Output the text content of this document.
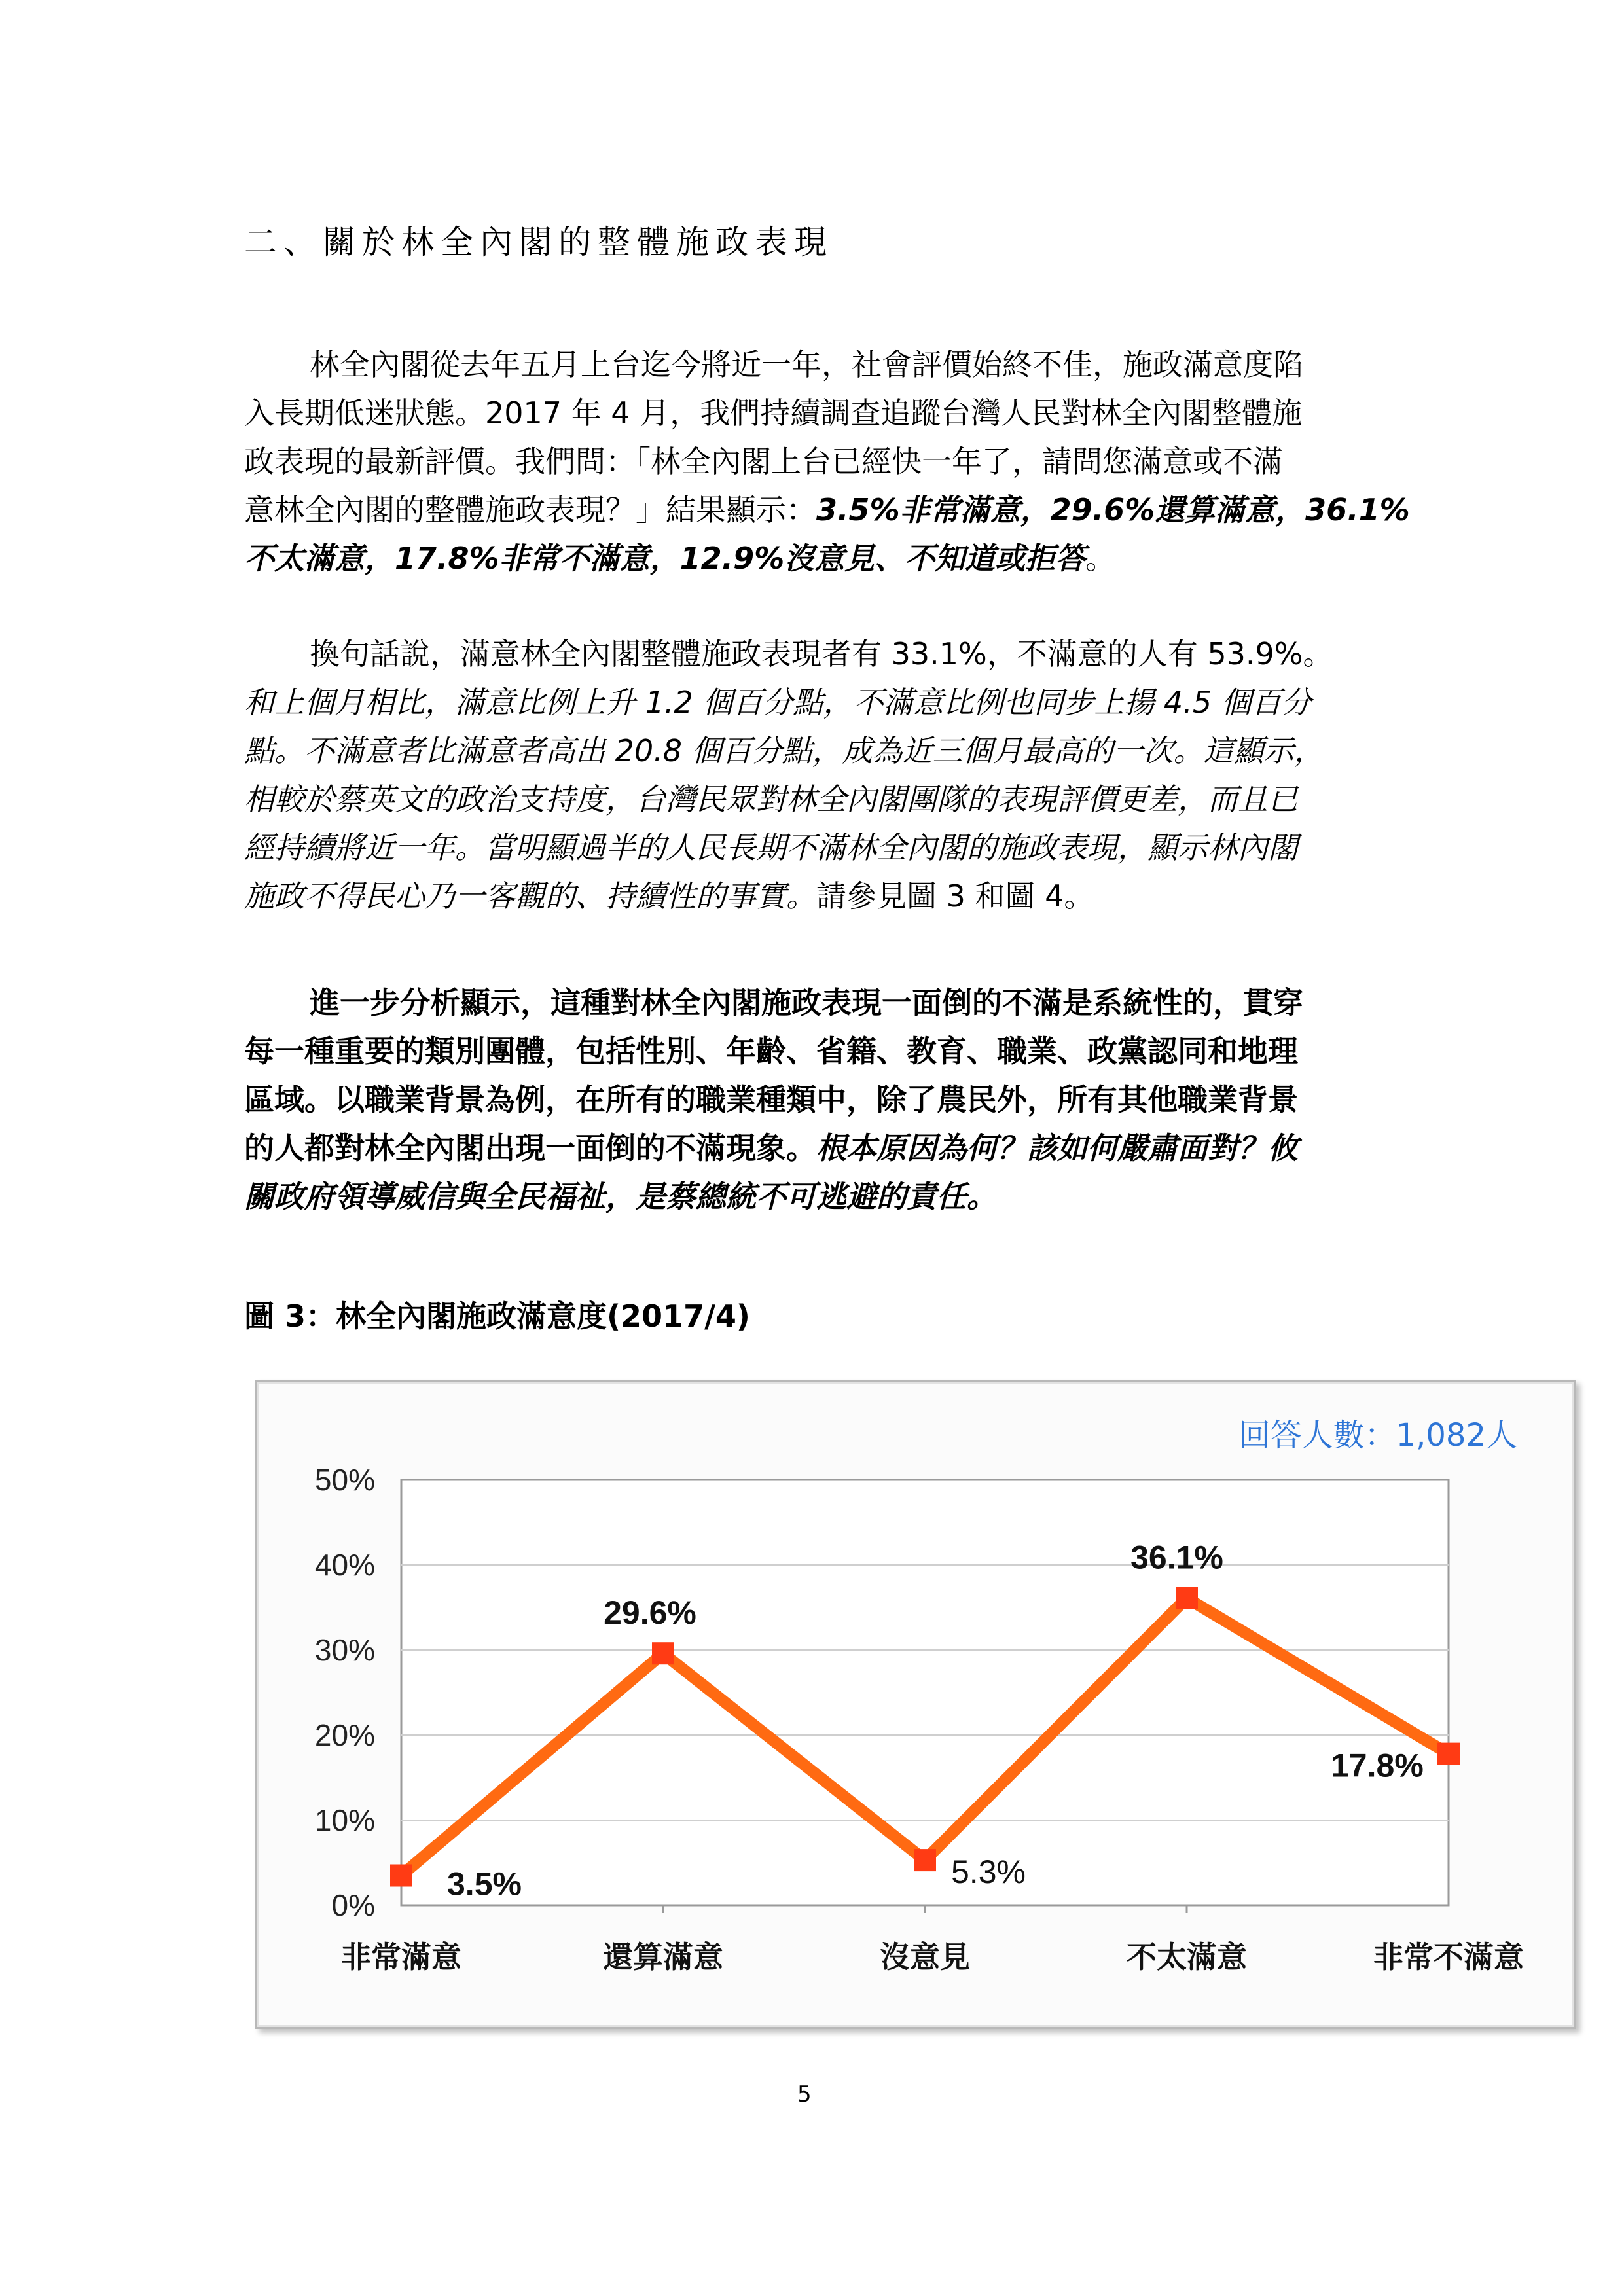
二、關於林全內閣的整體施政表現
林全內閣從去年五月上台迄今將近一年，社會評價始終不佳，施政滿意度陷
入長期低迷狀態。2017 年 4 月，我們持續調查追蹤台灣人民對林全內閣整體施
政表現的最新評價。我們問：「林全內閣上台已經快一年了，請問您滿意或不滿
意林全內閣的整體施政表現？」結果顯示：3.5%非常滿意，29.6%還算滿意，36.1%
不太滿意，17.8%非常不滿意，12.9%沒意見、不知道或拒答。
換句話說，滿意林全內閣整體施政表現者有 33.1%，不滿意的人有 53.9%。
和上個月相比，滿意比例上升 1.2 個百分點，不滿意比例也同步上揚 4.5 個百分
點。不滿意者比滿意者高出 20.8 個百分點，成為近三個月最高的一次。這顯示，
相較於蔡英文的政治支持度，台灣民眾對林全內閣團隊的表現評價更差，而且已
經持續將近一年。當明顯過半的人民長期不滿林全內閣的施政表現，顯示林內閣
施政不得民心乃一客觀的、持續性的事實。請參見圖 3 和圖 4。
進一步分析顯示，這種對林全內閣施政表現一面倒的不滿是系統性的，貫穿
每一種重要的類別團體，包括性別、年齡、省籍、教育、職業、政黨認同和地理
區域。以職業背景為例，在所有的職業種類中，除了農民外，所有其他職業背景
的人都對林全內閣出現一面倒的不滿現象。根本原因為何？該如何嚴肅面對？攸
關政府領導威信與全民福祉，是蔡總統不可逃避的責任。
圖 3：林全內閣施政滿意度(2017/4)
0%
10%
20%
30%
40%
50%
非常滿意	還算滿意	沒意見	不太滿意	非常不滿意
3.5%
29.6%
5.3%
36.1%
17.8%
回答人數：1,082人
5
